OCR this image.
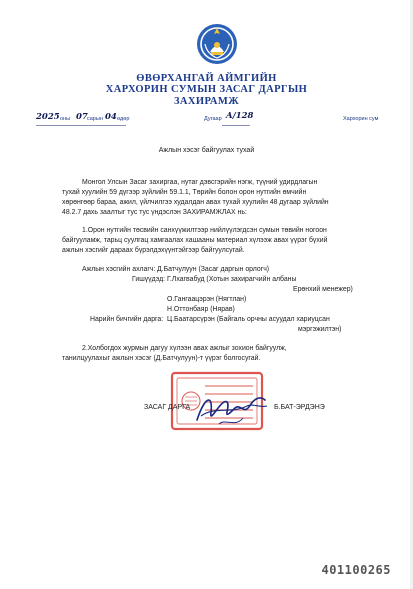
ӨВӨРХАНГАЙ АЙМГИЙН
ХАРХОРИН СУМЫН ЗАСАГ ДАРГЫН
ЗАХИРАМЖ
2025 оны 07 сарын 04 өдөр	Дугаар A/128	Хархорин сум
Ажлын хэсэг байгуулах тухай
Монгол Улсын Засаг захиргаа, нутаг дэвсгэрийн нэгж, түүний удирдлагын
тухай хуулийн 59 дүгээр зүйлийн 59.1.1, Төрийн болон орон нутгийн өмчийн
хөрөнгөөр бараа, ажил, үйлчилгээ худалдан авах тухай хуулийн 48 дугаар зүйлийн
48.2.7 дахь заалтыг тус тус үндэслэн ЗАХИРАМЖЛАХ нь:
1.Орон нутгийн төсвийн санхүүжилтээр нийлүүлэгдсэн сумын төвийн ногоон
байгууламж, тарьц суулгац хамгаалах хашааны материал хүлээж авах үүрэг бүхий
ажлын хэсгийг дараах бүрэлдэхүүнтэйгээр байгуулсугай.
Ажлын хэсгийн ахлагч: Д.Батчулуун (Засаг даргын орлогч)
Гишүүдэд: Г.Лхагвабуд (Хотын захирагчийн албаны
Ерөнхий менежер)
О.Гангаацэрэн (Нягтлан)
Н.Оттонбаяр (Нярав)
Нарийн бичгийн дарга: Ц.Баатарсүрэн (Байгаль орчны асуудал хариуцсан
мэргэжилтэн)
2.Холбогдох журмын дагуу хүлээн авах ажлыг зохион байгуулж,
танилцуулахыг ажлын хэсэг (Д.Батчулуун)-т үүрэг болгосугай.
ЗАСАГ ДАРГА	Б.БАТ-ЭРДЭНЭ
401100265
